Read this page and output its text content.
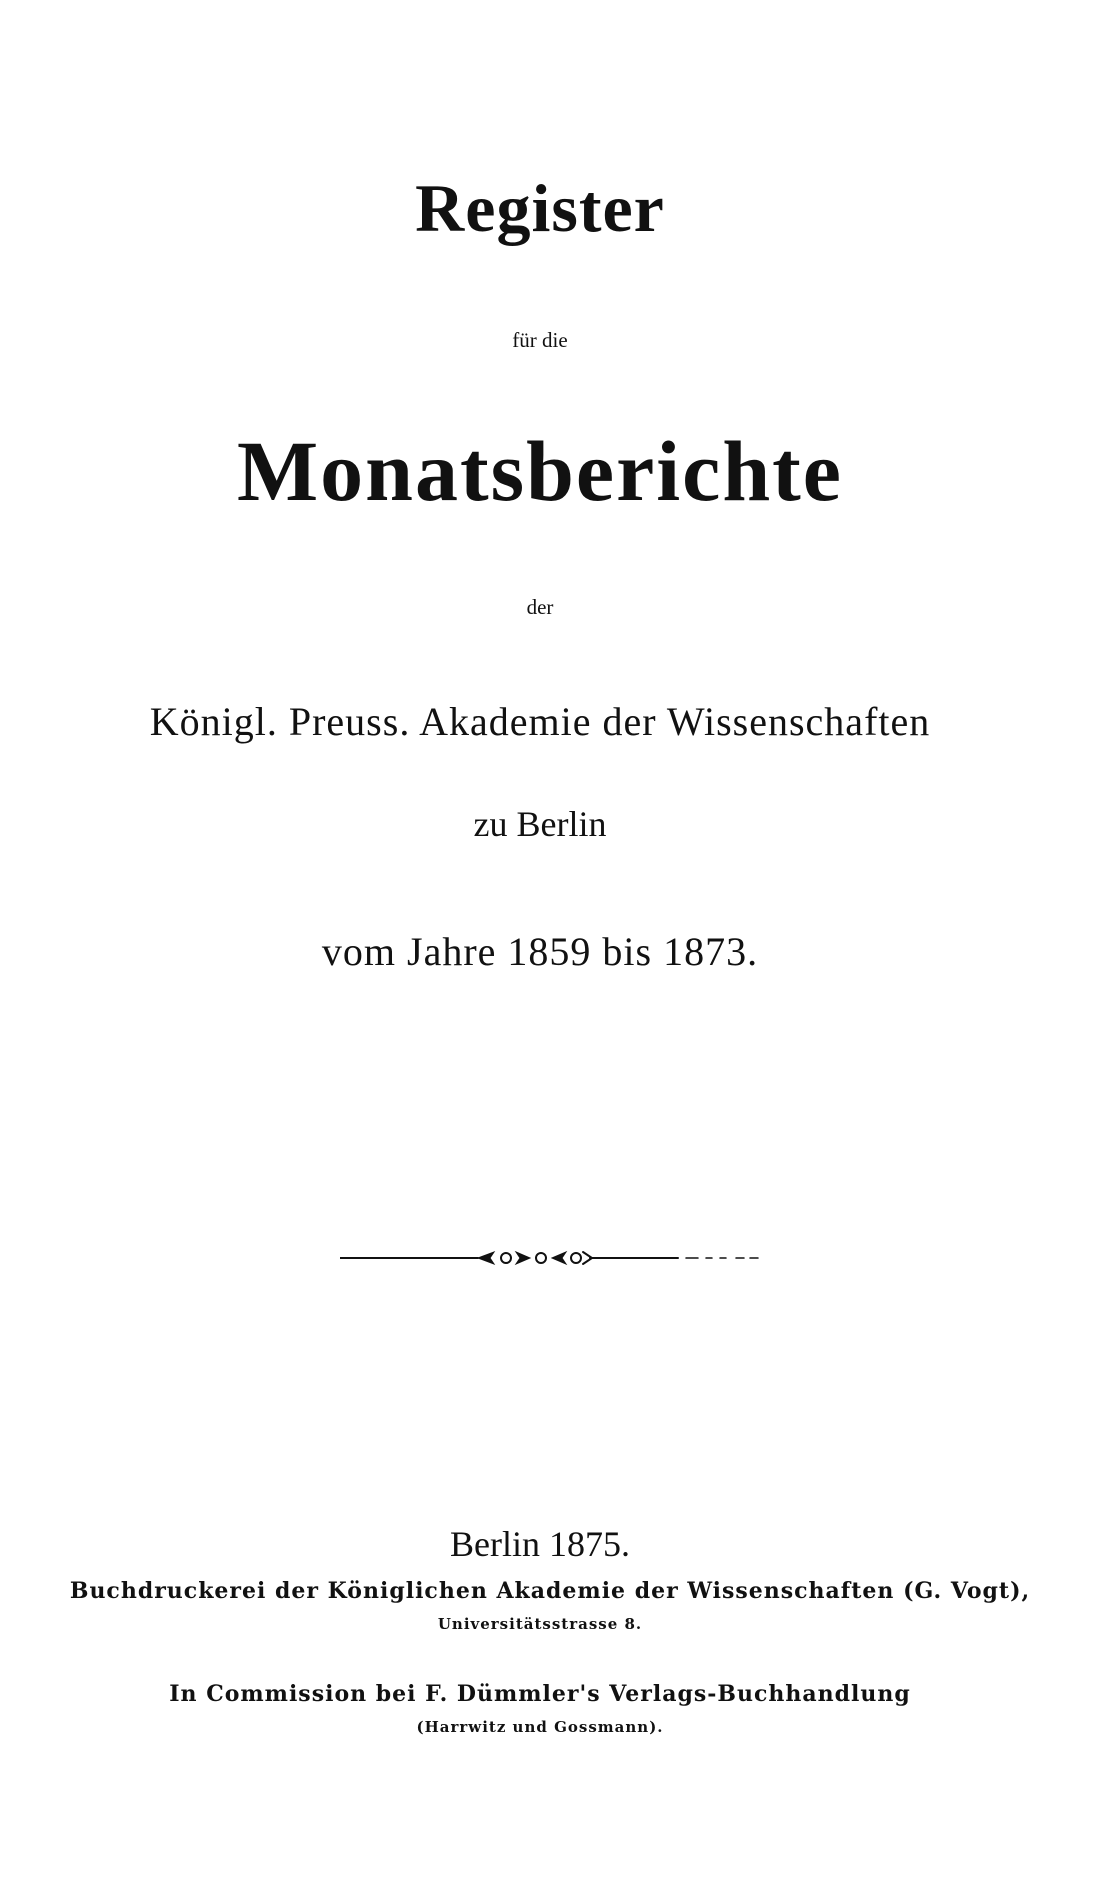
Register

für die

Monatsberichte

der

Königl. Preuss. Akademie der Wissenschaften

zu Berlin

vom Jahre 1859 bis 1873.

Berlin 1875.

Buchdruckerei der Königlichen Akademie der Wissenschaften (G. Vogt),

Universitätsstrasse 8.

In Commission bei F. Dümmler's Verlags-Buchhandlung

(Harrwitz und Gossmann).
